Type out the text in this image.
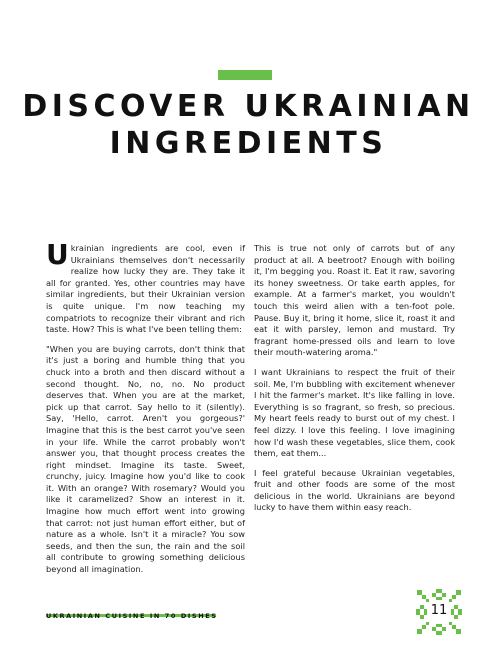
DISCOVER UKRAINIAN
INGREDIENTS

Ukrainian ingredients are cool, even if Ukrainians themselves don't necessarily realize how lucky they are. They take it all for granted. Yes, other countries may have similar ingredients, but their Ukrainian version is quite unique. I'm now teaching my compatriots to recognize their vibrant and rich taste. How? This is what I've been telling them:

"When you are buying carrots, don't think that it's just a boring and humble thing that you chuck into a broth and then discard without a second thought. No, no, no. No product deserves that. When you are at the market, pick up that carrot. Say hello to it (silently). Say, 'Hello, carrot. Aren't you gorgeous?' Imagine that this is the best carrot you've seen in your life. While the carrot probably won't answer you, that thought process creates the right mindset. Imagine its taste. Sweet, crunchy, juicy. Imagine how you'd like to cook it. With an orange? With rosemary? Would you like it caramelized? Show an interest in it. Imagine how much effort went into growing that carrot: not just human effort either, but of nature as a whole. Isn't it a miracle? You sow seeds, and then the sun, the rain and the soil all contribute to growing something delicious beyond all imagination.

This is true not only of carrots but of any product at all. A beetroot? Enough with boiling it, I'm begging you. Roast it. Eat it raw, savoring its honey sweetness. Or take earth apples, for example. At a farmer's market, you wouldn't touch this weird alien with a ten-foot pole. Pause. Buy it, bring it home, slice it, roast it and eat it with parsley, lemon and mustard. Try fragrant home-pressed oils and learn to love their mouth-watering aroma."

I want Ukrainians to respect the fruit of their soil. Me, I'm bubbling with excitement whenever I hit the farmer's market. It's like falling in love. Everything is so fragrant, so fresh, so precious. My heart feels ready to burst out of my chest. I feel dizzy. I love this feeling. I love imagining how I'd wash these vegetables, slice them, cook them, eat them...

I feel grateful because Ukrainian vegetables, fruit and other foods are some of the most delicious in the world. Ukrainians are beyond lucky to have them within easy reach.

UKRAINIAN CUISINE IN 70 DISHES	11
